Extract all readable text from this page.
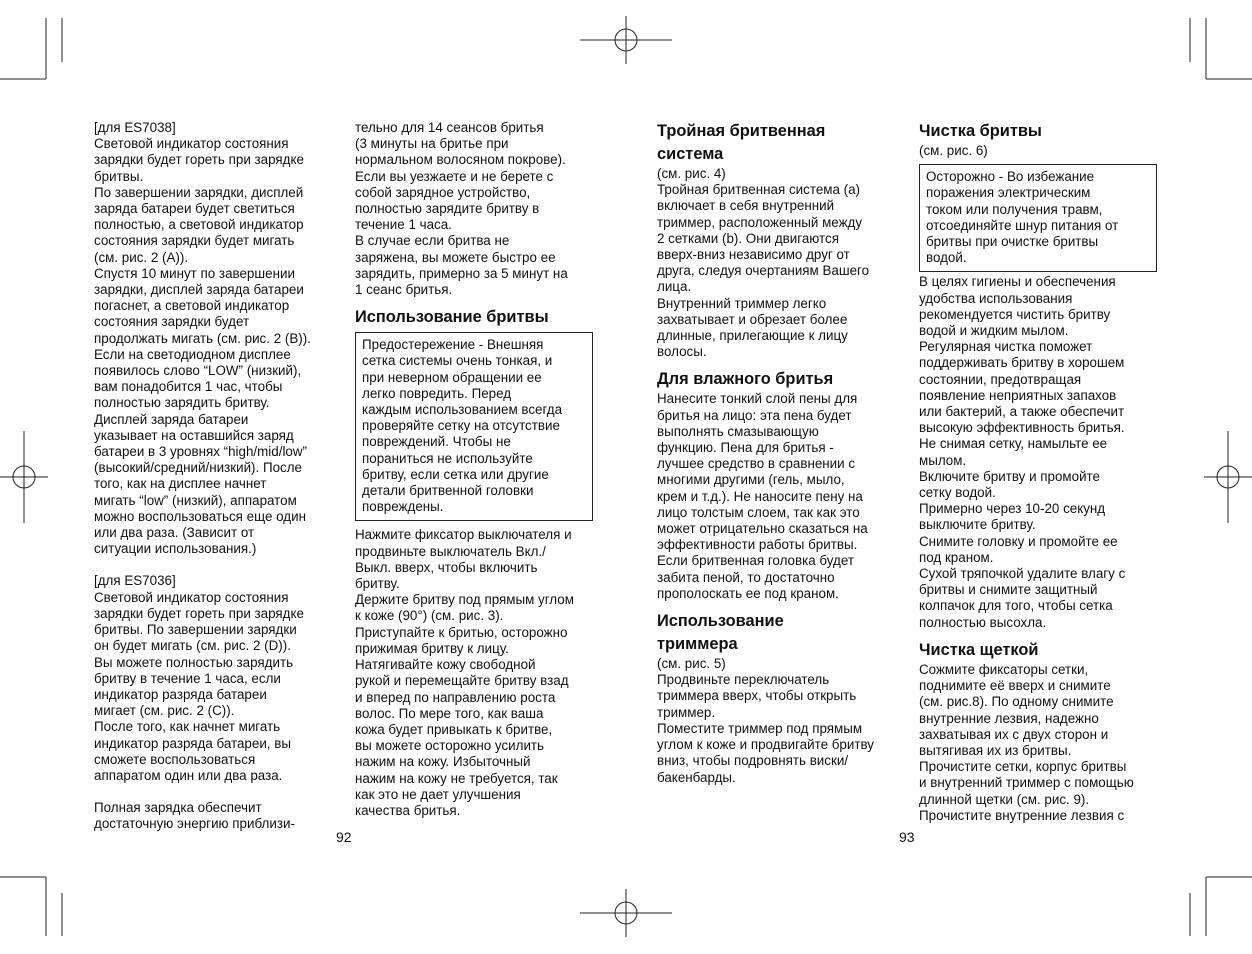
[для ES7038]
Световой индикатор состояния
зарядки будет гореть при зарядке
бритвы.
По завершении зарядки, дисплей
заряда батареи будет светиться
полностью, а световой индикатор
состояния зарядки будет мигать
(см. рис. 2 (A)).
Спустя 10 минут по завершении
зарядки, дисплей заряда батареи
погаснет, а световой индикатор
состояния зарядки будет
продолжать мигать (см. рис. 2 (B)).
Если на светодиодном дисплее
появилось слово “LOW” (низкий),
вам понадобится 1 час, чтобы
полностью зарядить бритву.
Дисплей заряда батареи
указывает на оставшийся заряд
батареи в 3 уровнях “high/mid/low”
(высокий/средний/низкий). После
того, как на дисплее начнет
мигать “low” (низкий), аппаратом
можно воспользоваться еще один
или два раза. (Зависит от
ситуации использования.)
[для ES7036]
Световой индикатор состояния
зарядки будет гореть при зарядке
бритвы. По завершении зарядки
он будет мигать (см. рис. 2 (D)).
Вы можете полностью зарядить
бритву в течение 1 часа, если
индикатор разряда батареи
мигает (см. рис. 2 (C)).
После того, как начнет мигать
индикатор разряда батареи, вы
сможете воспользоваться
аппаратом один или два раза.
Полная зарядка обеспечит
достаточную энергию приблизи-
тельно для 14 сеансов бритья
(3 минуты на бритье при
нормальном волосяном покрове).
Если вы уезжаете и не берете с
собой зарядное устройство,
полностью зарядите бритву в
течение 1 часа.
В случае если бритва не
заряжена, вы можете быстро ее
зарядить, примерно за 5 минут на
1 сеанс бритья.
Использование бритвы
Предостережение - Внешняя
сетка системы очень тонкая, и
при неверном обращении ее
легко повредить. Перед
каждым использованием всегда
проверяйте сетку на отсутствие
повреждений. Чтобы не
пораниться не используйте
бритву, если сетка или другие
детали бритвенной головки
повреждены.
Нажмите фиксатор выключателя и
продвиньте выключатель Вкл./
Выкл. вверх, чтобы включить
бритву.
Держите бритву под прямым углом
к коже (90°) (см. рис. 3).
Приступайте к бритью, осторожно
прижимая бритву к лицу.
Натягивайте кожу свободной
рукой и перемещайте бритву взад
и вперед по направлению роста
волос. По мере того, как ваша
кожа будет привыкать к бритве,
вы можете осторожно усилить
нажим на кожу. Избыточный
нажим на кожу не требуется, так
как это не дает улучшения
качества бритья.
Тройная бритвенная
система
(см. рис. 4)
Тройная бритвенная система (a)
включает в себя внутренний
триммер, расположенный между
2 сетками (b). Они двигаются
вверх-вниз независимо друг от
друга, следуя очертаниям Вашего
лица.
Внутренний триммер легко
захватывает и обрезает более
длинные, прилегающие к лицу
волосы.
Для влажного бритья
Нанесите тонкий слой пены для
бритья на лицо: эта пена будет
выполнять смазывающую
функцию. Пена для бритья -
лучшее средство в сравнении с
многими другими (гель, мыло,
крем и т.д.). Не наносите пену на
лицо толстым слоем, так как это
может отрицательно сказаться на
эффективности работы бритвы.
Если бритвенная головка будет
забита пеной, то достаточно
прополоскать ее под краном.
Использование
триммера
(см. рис. 5)
Продвиньте переключатель
триммера вверх, чтобы открыть
триммер.
Поместите триммер под прямым
углом к коже и продвигайте бритву
вниз, чтобы подровнять виски/
бакенбарды.
Чистка бритвы
(см. рис. 6)
Осторожно - Во избежание
поражения электрическим
током или получения травм,
отсоединяйте шнур питания от
бритвы при очистке бритвы
водой.
В целях гигиены и обеспечения
удобства использования
рекомендуется чистить бритву
водой и жидким мылом.
Регулярная чистка поможет
поддерживать бритву в хорошем
состоянии, предотвращая
появление неприятных запахов
или бактерий, а также обеспечит
высокую эффективность бритья.
Не снимая сетку, намыльте ее
мылом.
Включите бритву и промойте
сетку водой.
Примерно через 10-20 секунд
выключите бритву.
Снимите головку и промойте ее
под краном.
Сухой тряпочкой удалите влагу с
бритвы и снимите защитный
колпачок для того, чтобы сетка
полностью высохла.
Чистка щеткой
Сожмите фиксаторы сетки,
поднимите её вверх и снимите
(см. рис.8). По одному снимите
внутренние лезвия, надежно
захватывая их с двух сторон и
вытягивая их из бритвы.
Прочистите сетки, корпус бритвы
и внутренний триммер с помощью
длинной щетки (см. рис. 9).
Прочистите внутренние лезвия с
92	93
